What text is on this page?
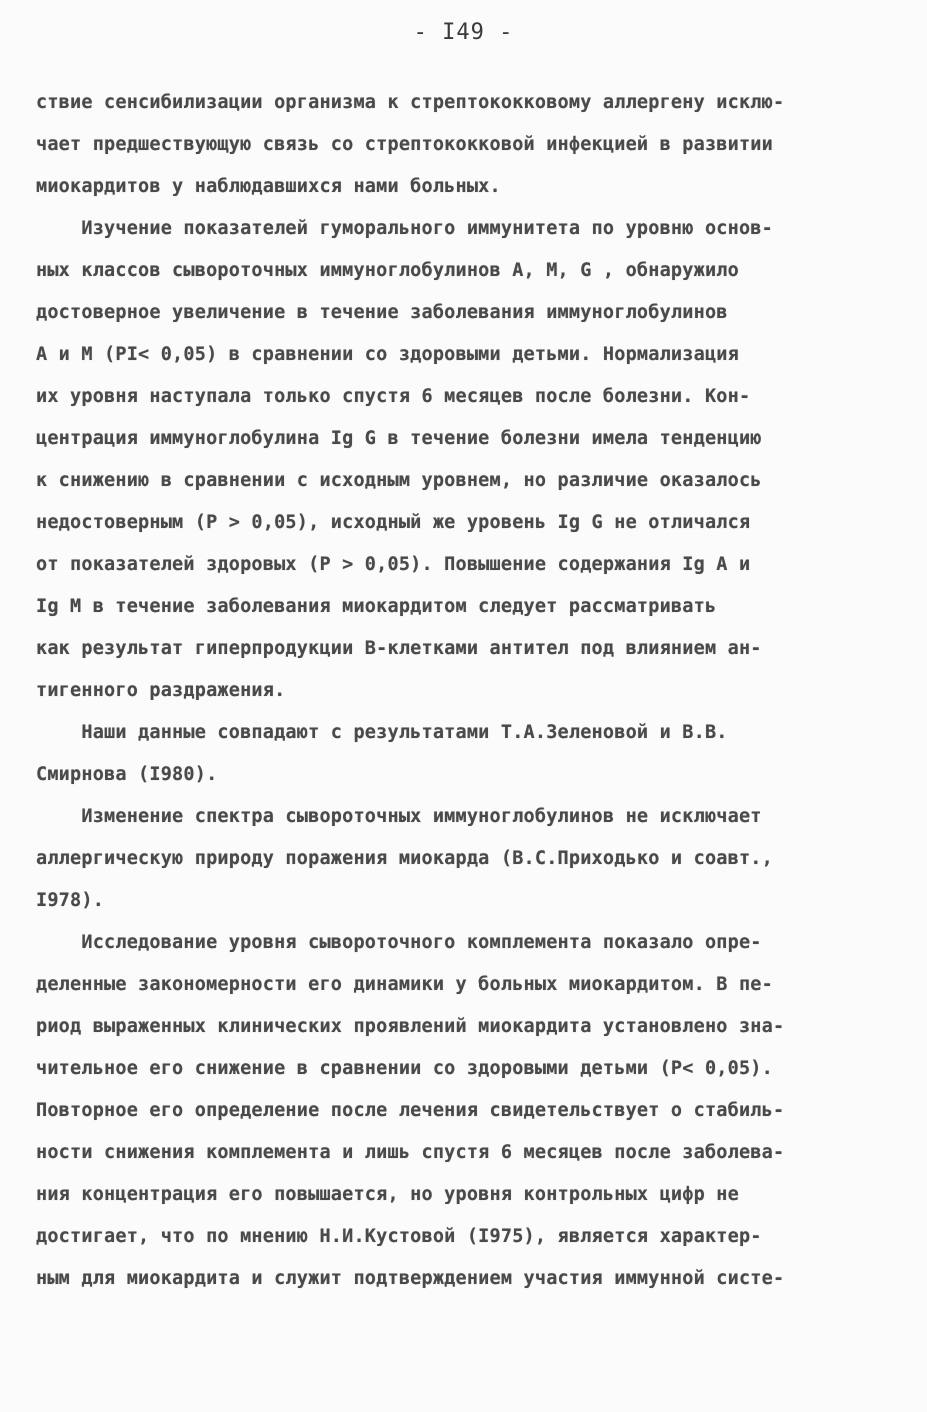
- I49 -
ствие сенсибилизации организма к стрептококковому аллергену исклю-
чает предшествующую связь со стрептококковой инфекцией в развитии
миокардитов у наблюдавшихся нами больных.
Изучение показателей гуморального иммунитета по уровню основ-
ных классов сывороточных иммуноглобулинов А, М, G , обнаружило
достоверное увеличение в течение заболевания иммуноглобулинов
А и М (PI< 0,05) в сравнении со здоровыми детьми. Нормализация
их уровня наступала только спустя 6 месяцев после болезни. Кон-
центрация иммуноглобулина Ig G в течение болезни имела тенденцию
к снижению в сравнении с исходным уровнем, но различие оказалось
недостоверным (P > 0,05), исходный же уровень Ig G не отличался
от показателей здоровых (P > 0,05). Повышение содержания Ig А и
Ig М в течение заболевания миокардитом следует рассматривать
как результат гиперпродукции В-клетками антител под влиянием ан-
тигенного раздражения.
Наши данные совпадают с результатами Т.А.Зеленовой и В.В.
Смирнова (I980).
Изменение спектра сывороточных иммуноглобулинов не исключает
аллергическую природу поражения миокарда (В.С.Приходько и соавт.,
I978).
Исследование уровня сывороточного комплемента показало опре-
деленные закономерности его динамики у больных миокардитом. В пе-
риод выраженных клинических проявлений миокардита установлено зна-
чительное его снижение в сравнении со здоровыми детьми (P< 0,05).
Повторное его определение после лечения свидетельствует о стабиль-
ности снижения комплемента и лишь спустя 6 месяцев после заболева-
ния концентрация его повышается, но уровня контрольных цифр не
достигает, что по мнению Н.И.Кустовой (I975), является характер-
ным для миокардита и служит подтверждением участия иммунной систе-
